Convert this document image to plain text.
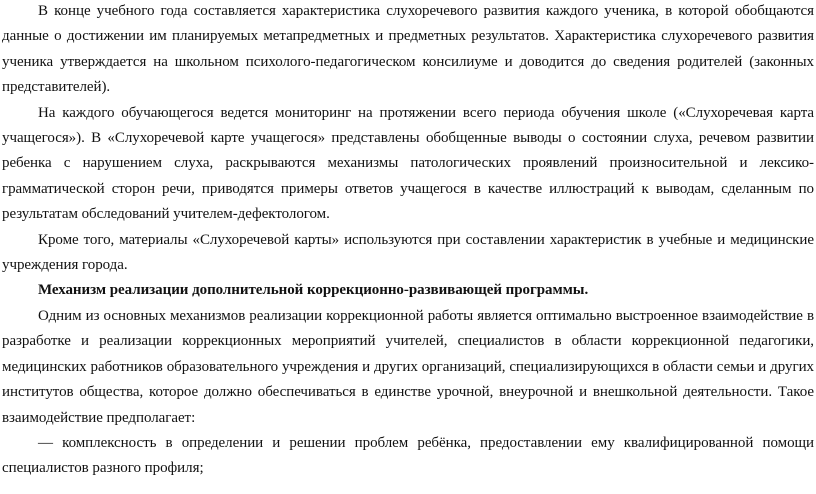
В конце учебного года составляется характеристика слухоречевого развития каждого ученика, в которой обобщаются данные о достижении им планируемых метапредметных и предметных результатов. Характеристика слухоречевого развития ученика утверждается на школьном психолого-педагогическом консилиуме и доводится до сведения родителей (законных представителей).

На каждого обучающегося ведется мониторинг на протяжении всего периода обучения школе («Слухоречевая карта учащегося»). В «Слухоречевой карте учащегося» представлены обобщенные выводы о состоянии слуха, речевом развитии ребенка с нарушением слуха, раскрываются механизмы патологических проявлений произносительной и лексико-грамматической сторон речи, приводятся примеры ответов учащегося в качестве иллюстраций к выводам, сделанным по результатам обследований учителем-дефектологом.

Кроме того, материалы «Слухоречевой карты» используются при составлении характеристик в учебные и медицинские учреждения города.

Механизм реализации дополнительной коррекционно-развивающей программы.

Одним из основных механизмов реализации коррекционной работы является оптимально выстроенное взаимодействие в разработке и реализации коррекционных мероприятий учителей, специалистов в области коррекционной педагогики, медицинских работников образовательного учреждения и других организаций, специализирующихся в области семьи и других институтов общества, которое должно обеспечиваться в единстве урочной, внеурочной и внешкольной деятельности. Такое взаимодействие предполагает:

— комплексность в определении и решении проблем ребёнка, предоставлении ему квалифицированной помощи специалистов разного профиля;
